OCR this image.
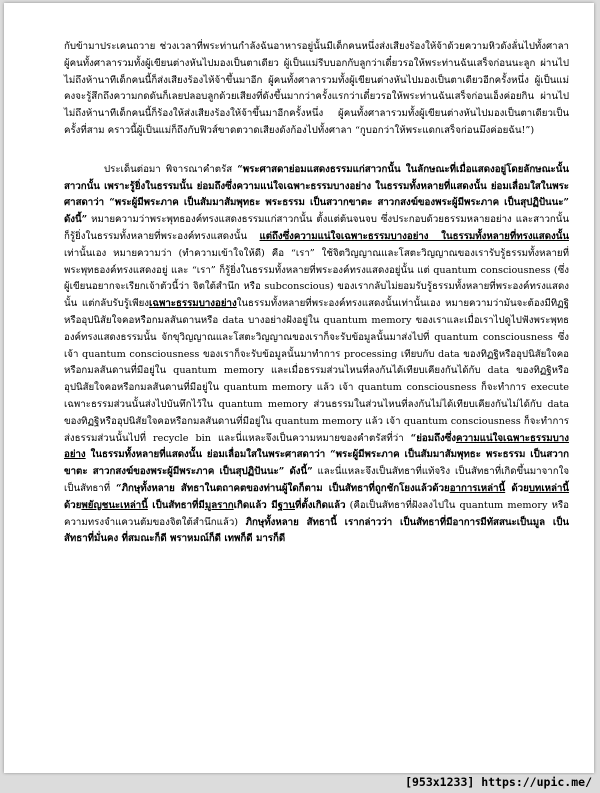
กับข้ามาประเคนถวาย ช่วงเวลาที่พระท่านกำลังฉันอาหารอยู่นั้นมีเด็กคนหนึ่งส่งเสียงร้องให้จ้าด้วยความหิวดังลั่นไปทั้งศาลา ผู้คนทั้งศาลารวมทั้งผู้เขียนต่างหันไปมองเป็นตาเดียว ผู้เป็นแม่รีบบอกกับลูกว่าเดี๋ยวรอให้พระท่านฉันเสร็จก่อนนะลูก ผ่านไปไม่ถึงห้านาทีเด็กคนนี้ก็ส่งเสียงร้องไห้จ้าขึ้นมาอีก ผู้คนทั้งศาลารวมทั้งผู้เขียนต่างหันไปมองเป็นตาเดียวอีกครั้งหนึ่ง ผู้เป็นแม่คงจะรู้สึกถึงความกดดันก็เลยปลอบลูกด้วยเสียงที่ดังขึ้นมากว่าครั้งแรกว่าเดี๋ยวรอให้พระท่านฉันเสร็จก่อนเอ็งค่อยกิน ผ่านไปไม่ถึงห้านาทีเด็กคนนี้ก็ร้องให้ส่งเสียงร้องให้จ้าขึ้นมาอีกครั้งหนึ่ง ผู้คนทั้งศาลารวมทั้งผู้เขียนต่างหันไปมองเป็นตาเดียวเป็นครั้งที่สาม คราวนี้ผู้เป็นแม่ก็ถึงกับฟิวส์ขาดตวาดเสียงดังก้องไปทั้งศาลา “กูบอกว่าให้พระแดกเสร็จก่อนมึงค่อยฉัน!”)

ประเด็นต่อมา พิจารณาคำตรัส “พระศาสดาย่อมแสดงธรรมแก่สาวกนั้น ในลักษณะที่เมื่อแสดงอยู่โดยลักษณะนั้น สาวกนั้น เพราะรู้ยิ่งในธรรมนั้น ย่อมถึงซึ่งความแน่ใจเฉพาะธรรมบางอย่าง ในธรรมทั้งหลายที่แสดงนั้น ย่อมเลื่อมใสในพระศาสดาว่า “พระผู้มีพระภาค เป็นสัมมาสัมพุทธะ พระธรรม เป็นสวากขาตะ สาวกสงฆ์ของพระผู้มีพระภาค เป็นสุปฏิปันนะ” ดังนี้” หมายความว่าพระพุทธองค์ทรงแสดงธรรมแก่สาวกนั้น ตั้งแต่ต้นจนจบ ซึ่งประกอบด้วยธรรมหลายอย่าง และสาวกนั้นก็รู้ยิ่งในธรรมทั้งหลายที่พระองค์ทรงแสดงนั้น แต่ถึงซึ่งความแน่ใจเฉพาะธรรมบางอย่าง ในธรรมทั้งหลายที่ทรงแสดงนั้นเท่านั้นเอง หมายความว่า (ทำความเข้าใจให้ดี) คือ “เรา” ใช้จิตวิญญาณและโสตะวิญญาณของเรารับรู้ธรรมทั้งหลายที่พระพุทธองค์ทรงแสดงอยู่ และ “เรา” ก็รู้ยิ่งในธรรมทั้งหลายที่พระองค์ทรงแสดงอยู่นั้น แต่ quantum consciousness (ซึ่งผู้เขียนอยากจะเรียกเจ้าตัวนี้ว่า จิตใต้สำนึก หรือ subconscious) ของเรากลับไม่ยอมรับรู้ธรรมทั้งหลายที่พระองค์ทรงแสดงนั้น แต่กลับรับรู้เพียงเฉพาะธรรมบางอย่างในธรรมทั้งหลายที่พระองค์ทรงแสดงนั้นเท่านั้นเอง หมายความว่ามันจะต้องมีทิฏฐิหรืออุปนิสัยใจคอหรือกมลสันดานหรือ data บางอย่างฝังอยู่ใน quantum memory ของเราและเมื่อเราไปดูไปฟังพระพุทธองค์ทรงแสดงธรรมนั้น จักขุวิญญาณและโสตะวิญญาณของเราก็จะรับข้อมูลนั้นมาส่งไปที่ quantum consciousness ซึ่งเจ้า quantum consciousness ของเราก็จะรับข้อมูลนั้นมาทำการ processing เทียบกับ data ของทิฏฐิหรืออุปนิสัยใจคอหรือกมลสันดานที่มีอยู่ใน quantum memory และเมื่อธรรมส่วนไหนที่ลงกันได้เทียบเคียงกันได้กับ data ของทิฏฐิหรืออุปนิสัยใจคอหรือกมลสันดานที่มีอยู่ใน quantum memory แล้ว เจ้า quantum consciousness ก็จะทำการ execute เฉพาะธรรมส่วนนั้นส่งไปบันทึกไว้ใน quantum memory ส่วนธรรมในส่วนไหนที่ลงกันไม่ได้เทียบเคียงกันไม่ได้กับ data ของทิฏฐิหรืออุปนิสัยใจคอหรือกมลสันดานที่มีอยู่ใน quantum memory แล้ว เจ้า quantum consciousness ก็จะทำการส่งธรรมส่วนนั้นไปที่ recycle bin และนี่แหละจึงเป็นความหมายของคำตรัสที่ว่า “ย่อมถึงซึ่งความแน่ใจเฉพาะธรรมบางอย่าง ในธรรมทั้งหลายที่แสดงนั้น ย่อมเลื่อมใสในพระศาสดาว่า “พระผู้มีพระภาค เป็นสัมมาสัมพุทธะ พระธรรม เป็นสวากขาตะ สาวกสงฆ์ของพระผู้มีพระภาค เป็นสุปฏิปันนะ” ดังนี้” และนี่แหละจึงเป็นสัทธาที่แท้จริง เป็นสัทธาที่เกิดขึ้นมาจากใจ เป็นสัทธาที่ “ภิกษุทั้งหลาย สัทธาในตถาคตของท่านผู้ใดก็ตาม เป็นสัทธาที่ถูกชักโยงแล้วด้วยอาการเหล่านี้ ด้วยบทเหล่านี้ ด้วยพยัญชนะเหล่านี้ เป็นสัทธาที่มีมูลรากเกิดแล้ว มีฐานที่ตั้งเกิดแล้ว (คือเป็นสัทธาที่ฝังลงไปใน quantum memory หรือความทรงจำแควนตัมของจิตใต้สำนึกแล้ว) ภิกษุทั้งหลาย สัทธานี้ เรากล่าวว่า เป็นสัทธาที่มีอาการมีทัสสนะเป็นมูล เป็นสัทธาที่มั่นคง ที่สมณะก็ดี พราหมณ์ก็ดี เทพก็ดี มารก็ดี

[953x1233] https://upic.me/
